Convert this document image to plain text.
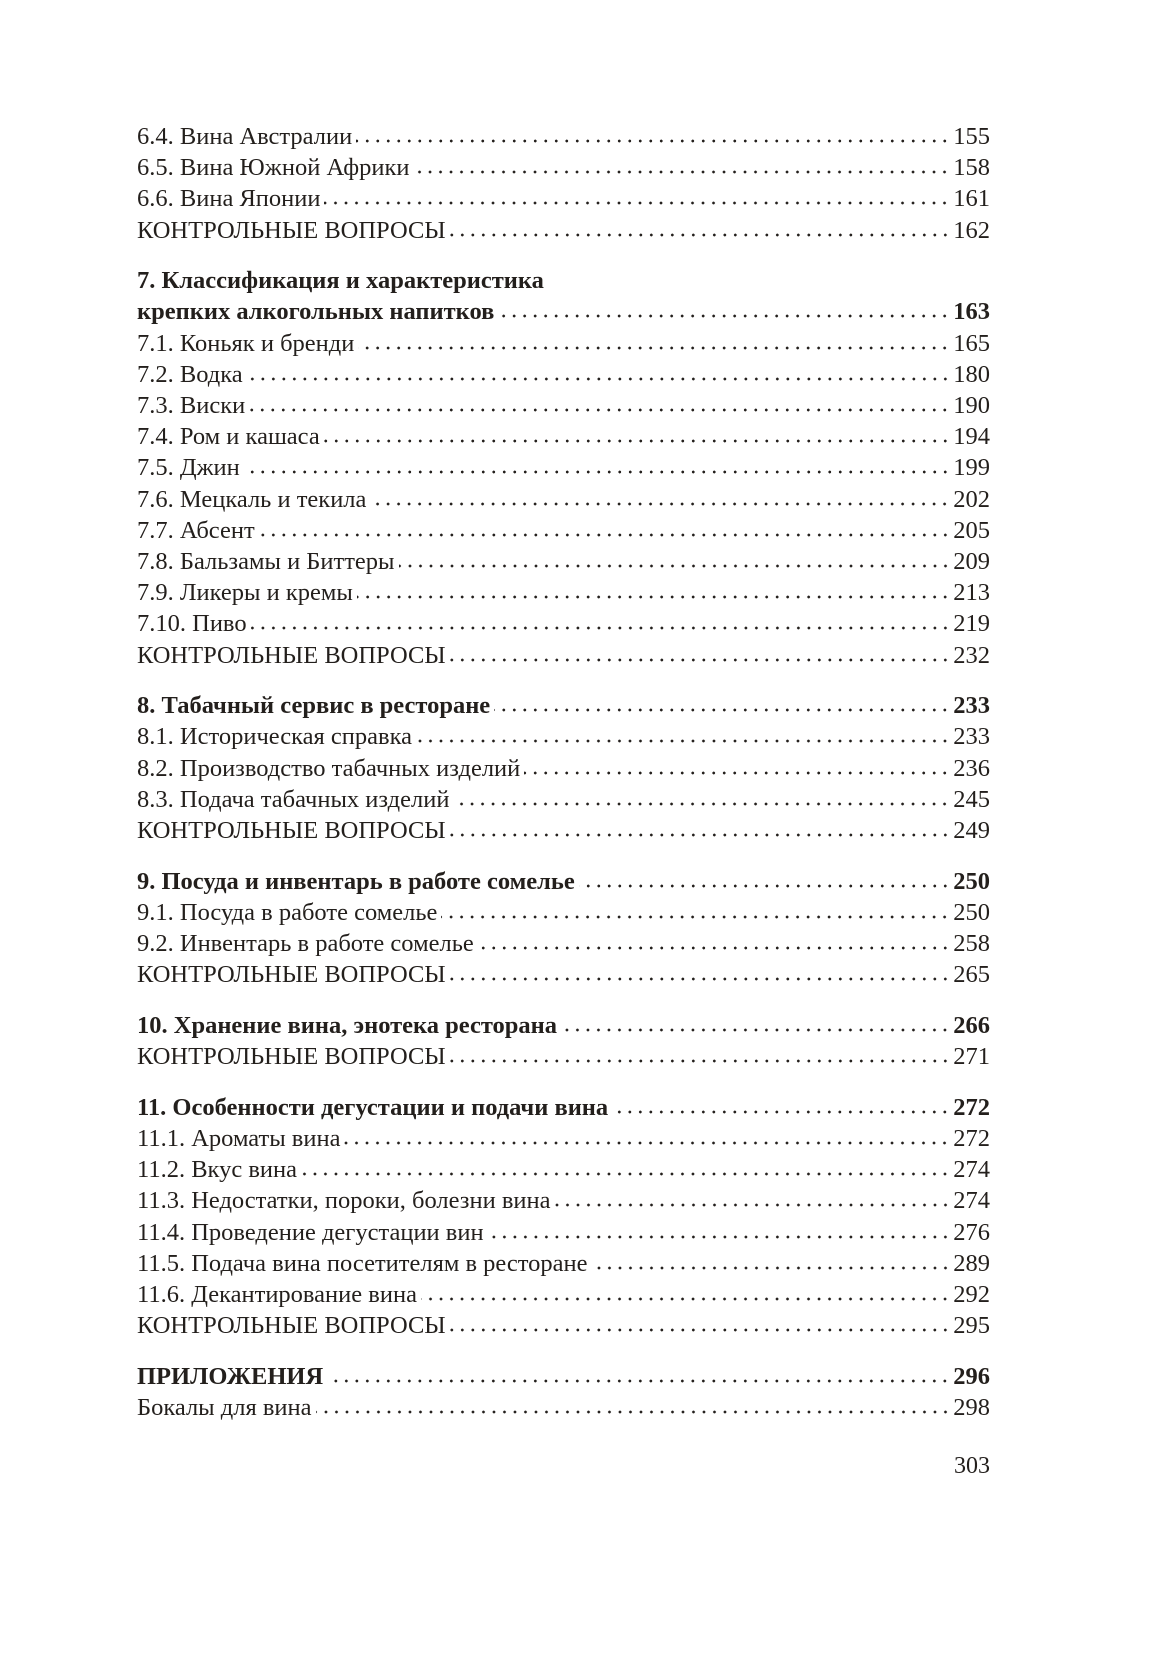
6.4. Вина Австралии	155
6.5. Вина Южной Африки	158
6.6. Вина Японии	161
КОНТРОЛЬНЫЕ ВОПРОСЫ	162
7. Классификация и характеристика
крепких алкогольных напитков	163
7.1. Коньяк и бренди	165
7.2. Водка	180
7.3. Виски	190
7.4. Ром и кашаса	194
7.5. Джин	199
7.6. Мецкаль и текила	202
7.7. Абсент	205
7.8. Бальзамы и Биттеры	209
7.9. Ликеры и кремы	213
7.10. Пиво	219
КОНТРОЛЬНЫЕ ВОПРОСЫ	232
8. Табачный сервис в ресторане	233
8.1. Историческая справка	233
8.2. Производство табачных изделий	236
8.3. Подача табачных изделий	245
КОНТРОЛЬНЫЕ ВОПРОСЫ	249
9. Посуда и инвентарь в работе сомелье	250
9.1. Посуда в работе сомелье	250
9.2. Инвентарь в работе сомелье	258
КОНТРОЛЬНЫЕ ВОПРОСЫ	265
10. Хранение вина, энотека ресторана	266
КОНТРОЛЬНЫЕ ВОПРОСЫ	271
11. Особенности дегустации и подачи вина	272
11.1. Ароматы вина	272
11.2. Вкус вина	274
11.3. Недостатки, пороки, болезни вина	274
11.4. Проведение дегустации вин	276
11.5. Подача вина посетителям в ресторане	289
11.6. Декантирование вина	292
КОНТРОЛЬНЫЕ ВОПРОСЫ	295
ПРИЛОЖЕНИЯ	296
Бокалы для вина	298
303
